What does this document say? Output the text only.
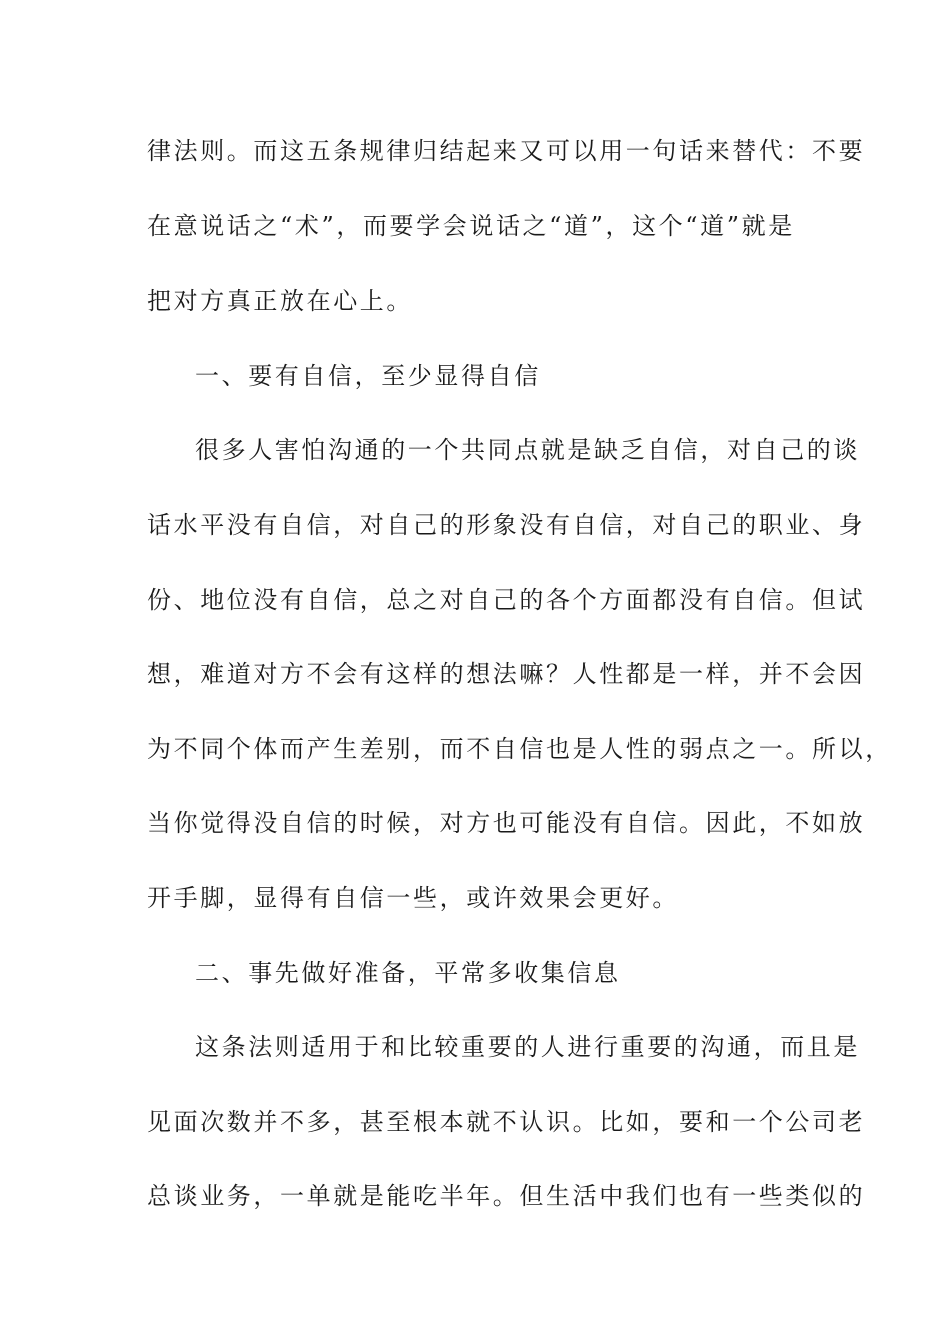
律法则。而这五条规律归结起来又可以用一句话来替代：不要
在意说话之“术”，而要学会说话之“道”，这个“道”就是
把对方真正放在心上。
一、要有自信，至少显得自信
很多人害怕沟通的一个共同点就是缺乏自信，对自己的谈
话水平没有自信，对自己的形象没有自信，对自己的职业、身
份、地位没有自信，总之对自己的各个方面都没有自信。但试
想，难道对方不会有这样的想法嘛？人性都是一样，并不会因
为不同个体而产生差别，而不自信也是人性的弱点之一。所以，
当你觉得没自信的时候，对方也可能没有自信。因此，不如放
开手脚，显得有自信一些，或许效果会更好。
二、事先做好准备，平常多收集信息
这条法则适用于和比较重要的人进行重要的沟通，而且是
见面次数并不多，甚至根本就不认识。比如，要和一个公司老
总谈业务，一单就是能吃半年。但生活中我们也有一些类似的
